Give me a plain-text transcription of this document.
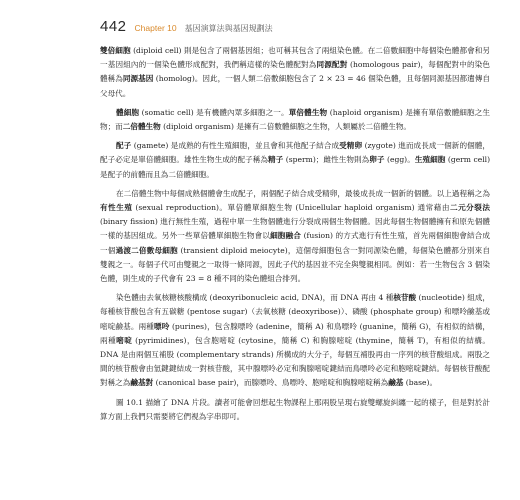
442 Chapter 10 基因演算法與基因規劃法

雙倍細胞 (diploid cell) 則是包含了兩個基因組；也可稱其包含了兩組染色體。在二倍數細胞中每個染色體都會和另一基因組內的一個染色體形成配對，我們稱這樣的染色體配對為同源配對 (homologous pair)，每個配對中的染色體稱為同源基因 (homolog)。因此，一個人類二倍數細胞包含了 2 × 23 = 46 個染色體，且每個同源基因都遺傳自父母代。

體細胞 (somatic cell) 是有機體內眾多細胞之一。單倍體生物 (haploid organism) 是擁有單倍數體細胞之生物；而二倍體生物 (diploid organism) 是擁有二倍數體細胞之生物，人類屬於二倍體生物。

配子 (gamete) 是成熟的有性生殖細胞，並且會和其他配子結合成受精卵 (zygote) 進而成長成一個新的個體，配子必定是單倍體細胞。雄性生物生成的配子稱為精子 (sperm)；雌性生物則為卵子 (egg)。生殖細胞 (germ cell) 是配子的前體而且為二倍體細胞。

在二倍體生物中每個成熟個體會生成配子，兩個配子結合成受精卵，最後成長成一個新的個體。以上過程稱之為有性生殖 (sexual reproduction)。單倍體單細胞生物 (Unicellular haploid organism) 通常藉由二元分裂法 (binary fission) 進行無性生殖，過程中單一生物個體進行分裂成兩個生物個體。因此每個生物個體擁有和原先個體一樣的基因組成。另外一些單倍體單細胞生物會以細胞融合 (fusion) 的方式進行有性生殖，首先兩個細胞會結合成一個過渡二倍數母細胞 (transient diploid meiocyte)，這個母細胞包含一對同源染色體，每個染色體都分別來自雙親之一。每個子代可由雙親之一取得一條同源，因此子代的基因並不完全與雙親相同。例如：若一生物包含 3 個染色體，則生成的子代會有 23 = 8 種不同的染色體組合排列。

染色體由去氧核糖核酸構成 (deoxyribonucleic acid, DNA)，而 DNA 再由 4 種核苷酸 (nucleotide) 組成，每種核苷酸包含有五碳糖 (pentose sugar)（去氧核糖 (deoxyribose)）、磷酸 (phosphate group) 和嘌呤鹼基或嘧啶鹼基。兩種嘌呤 (purines)，包含腺嘌呤 (adenine，簡稱 A) 和鳥嘌呤 (guanine，簡稱 G)，有相似的結構，兩種嘧啶 (pyrimidines)，包含胞嘧啶 (cytosine，簡稱 C) 和胸腺嘧啶 (thymine，簡稱 T)，有相似的結構。DNA 是由兩個互補股 (complementary strands) 所構成的大分子，每個互補股再由一序列的核苷酸組成。兩股之間的核苷酸會由氫鍵鍵結成一對核苷酸，其中腺嘌呤必定和胸腺嘧啶鍵結而鳥嘌呤必定和胞嘧啶鍵結。每個核苷酸配對稱之為鹼基對 (canonical base pair)，而腺嘌呤、鳥嘌呤、胞嘧啶和胸腺嘧啶稱為鹼基 (base)。

圖 10.1 描繪了 DNA 片段。讀者可能會回想起生物課程上那兩股呈現右旋雙螺旋糾纏一起的樣子，但是對於計算方面上我們只需要將它們視為字串即可。
